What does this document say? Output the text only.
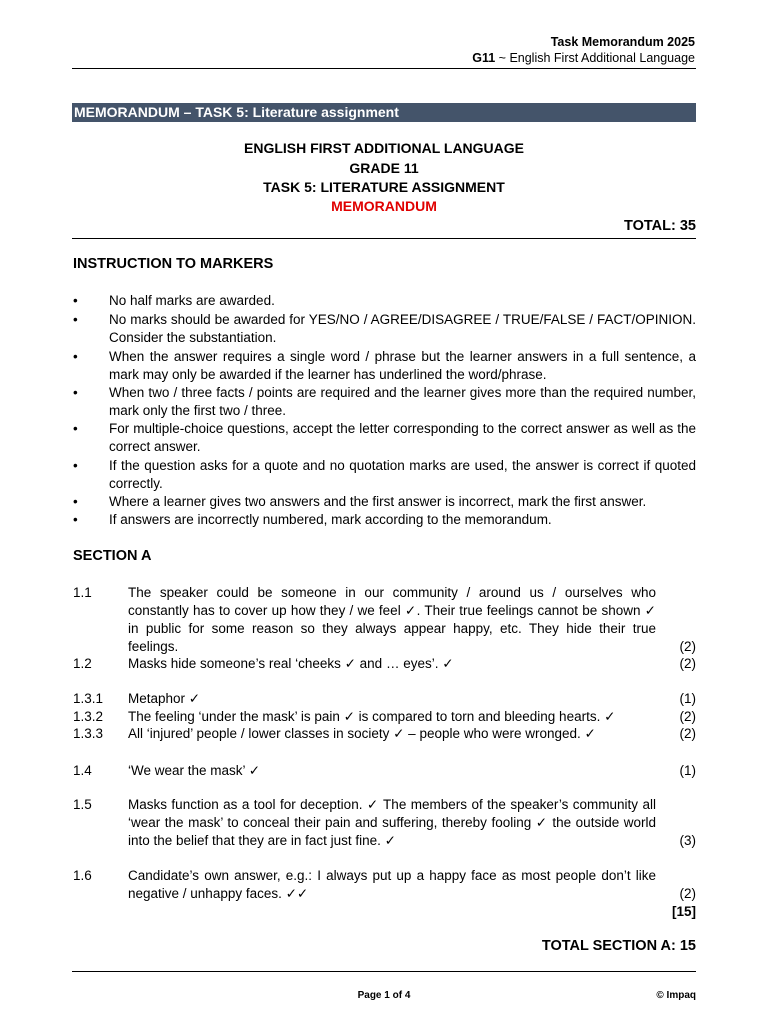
Task Memorandum 2025
G11 ~ English First Additional Language
MEMORANDUM – TASK 5: Literature assignment
ENGLISH FIRST ADDITIONAL LANGUAGE
GRADE 11
TASK 5: LITERATURE ASSIGNMENT
MEMORANDUM
TOTAL: 35
INSTRUCTION TO MARKERS
•	No half marks are awarded.
•	No marks should be awarded for YES/NO / AGREE/DISAGREE / TRUE/FALSE / FACT/OPINION. Consider the substantiation.
•	When the answer requires a single word / phrase but the learner answers in a full sentence, a mark may only be awarded if the learner has underlined the word/phrase.
•	When two / three facts / points are required and the learner gives more than the required number, mark only the first two / three.
•	For multiple-choice questions, accept the letter corresponding to the correct answer as well as the correct answer.
•	If the question asks for a quote and no quotation marks are used, the answer is correct if quoted correctly.
•	Where a learner gives two answers and the first answer is incorrect, mark the first answer.
•	If answers are incorrectly numbered, mark according to the memorandum.
SECTION A
1.1	The speaker could be someone in our community / around us / ourselves who constantly has to cover up how they / we feel ✓. Their true feelings cannot be shown ✓ in public for some reason so they always appear happy, etc. They hide their true feelings.	(2)
1.2	Masks hide someone’s real ‘cheeks ✓ and … eyes’. ✓	(2)
1.3.1 Metaphor ✓	(1)
1.3.2 The feeling ‘under the mask’ is pain ✓ is compared to torn and bleeding hearts. ✓	(2)
1.3.3 All ‘injured’ people / lower classes in society ✓ – people who were wronged. ✓	(2)
1.4	‘We wear the mask’ ✓	(1)
1.5	Masks function as a tool for deception. ✓ The members of the speaker’s community all ‘wear the mask’ to conceal their pain and suffering, thereby fooling ✓ the outside world into the belief that they are in fact just fine. ✓	(3)
1.6	Candidate’s own answer, e.g.: I always put up a happy face as most people don’t like negative / unhappy faces. ✓✓	(2)
[15]
TOTAL SECTION A: 15
Page 1 of 4	© Impaq
